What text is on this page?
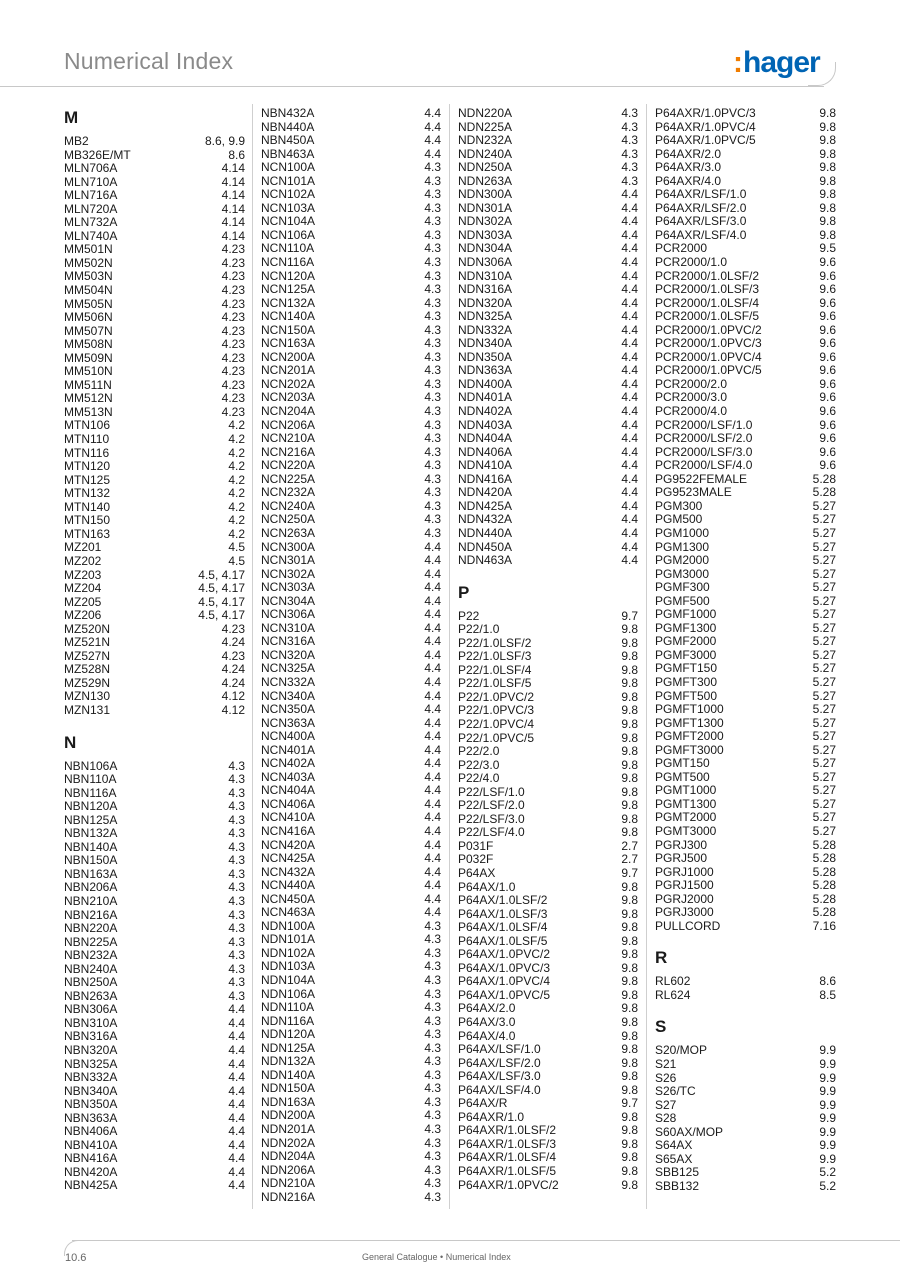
Numerical Index	:hager
M
MB2	8.6, 9.9
MB326E/MT	8.6
MLN706A	4.14
MLN710A	4.14
MLN716A	4.14
MLN720A	4.14
MLN732A	4.14
MLN740A	4.14
MM501N	4.23
MM502N	4.23
MM503N	4.23
MM504N	4.23
MM505N	4.23
MM506N	4.23
MM507N	4.23
MM508N	4.23
MM509N	4.23
MM510N	4.23
MM511N	4.23
MM512N	4.23
MM513N	4.23
MTN106	4.2
MTN110	4.2
MTN116	4.2
MTN120	4.2
MTN125	4.2
MTN132	4.2
MTN140	4.2
MTN150	4.2
MTN163	4.2
MZ201	4.5
MZ202	4.5
MZ203	4.5, 4.17
MZ204	4.5, 4.17
MZ205	4.5, 4.17
MZ206	4.5, 4.17
MZ520N	4.23
MZ521N	4.24
MZ527N	4.23
MZ528N	4.24
MZ529N	4.24
MZN130	4.12
MZN131	4.12
N
NBN106A	4.3
NBN110A	4.3
NBN116A	4.3
NBN120A	4.3
NBN125A	4.3
NBN132A	4.3
NBN140A	4.3
NBN150A	4.3
NBN163A	4.3
NBN206A	4.3
NBN210A	4.3
NBN216A	4.3
NBN220A	4.3
NBN225A	4.3
NBN232A	4.3
NBN240A	4.3
NBN250A	4.3
NBN263A	4.3
NBN306A	4.4
NBN310A	4.4
NBN316A	4.4
NBN320A	4.4
NBN325A	4.4
NBN332A	4.4
NBN340A	4.4
NBN350A	4.4
NBN363A	4.4
NBN406A	4.4
NBN410A	4.4
NBN416A	4.4
NBN420A	4.4
NBN425A	4.4
NBN432A	4.4
NBN440A	4.4
NBN450A	4.4
NBN463A	4.4
NCN100A	4.3
NCN101A	4.3
NCN102A	4.3
NCN103A	4.3
NCN104A	4.3
NCN106A	4.3
NCN110A	4.3
NCN116A	4.3
NCN120A	4.3
NCN125A	4.3
NCN132A	4.3
NCN140A	4.3
NCN150A	4.3
NCN163A	4.3
NCN200A	4.3
NCN201A	4.3
NCN202A	4.3
NCN203A	4.3
NCN204A	4.3
NCN206A	4.3
NCN210A	4.3
NCN216A	4.3
NCN220A	4.3
NCN225A	4.3
NCN232A	4.3
NCN240A	4.3
NCN250A	4.3
NCN263A	4.3
NCN300A	4.4
NCN301A	4.4
NCN302A	4.4
NCN303A	4.4
NCN304A	4.4
NCN306A	4.4
NCN310A	4.4
NCN316A	4.4
NCN320A	4.4
NCN325A	4.4
NCN332A	4.4
NCN340A	4.4
NCN350A	4.4
NCN363A	4.4
NCN400A	4.4
NCN401A	4.4
NCN402A	4.4
NCN403A	4.4
NCN404A	4.4
NCN406A	4.4
NCN410A	4.4
NCN416A	4.4
NCN420A	4.4
NCN425A	4.4
NCN432A	4.4
NCN440A	4.4
NCN450A	4.4
NCN463A	4.4
NDN100A	4.3
NDN101A	4.3
NDN102A	4.3
NDN103A	4.3
NDN104A	4.3
NDN106A	4.3
NDN110A	4.3
NDN116A	4.3
NDN120A	4.3
NDN125A	4.3
NDN132A	4.3
NDN140A	4.3
NDN150A	4.3
NDN163A	4.3
NDN200A	4.3
NDN201A	4.3
NDN202A	4.3
NDN204A	4.3
NDN206A	4.3
NDN210A	4.3
NDN216A	4.3
NDN220A	4.3
NDN225A	4.3
NDN232A	4.3
NDN240A	4.3
NDN250A	4.3
NDN263A	4.3
NDN300A	4.4
NDN301A	4.4
NDN302A	4.4
NDN303A	4.4
NDN304A	4.4
NDN306A	4.4
NDN310A	4.4
NDN316A	4.4
NDN320A	4.4
NDN325A	4.4
NDN332A	4.4
NDN340A	4.4
NDN350A	4.4
NDN363A	4.4
NDN400A	4.4
NDN401A	4.4
NDN402A	4.4
NDN403A	4.4
NDN404A	4.4
NDN406A	4.4
NDN410A	4.4
NDN416A	4.4
NDN420A	4.4
NDN425A	4.4
NDN432A	4.4
NDN440A	4.4
NDN450A	4.4
NDN463A	4.4
P
P22	9.7
P22/1.0	9.8
P22/1.0LSF/2	9.8
P22/1.0LSF/3	9.8
P22/1.0LSF/4	9.8
P22/1.0LSF/5	9.8
P22/1.0PVC/2	9.8
P22/1.0PVC/3	9.8
P22/1.0PVC/4	9.8
P22/1.0PVC/5	9.8
P22/2.0	9.8
P22/3.0	9.8
P22/4.0	9.8
P22/LSF/1.0	9.8
P22/LSF/2.0	9.8
P22/LSF/3.0	9.8
P22/LSF/4.0	9.8
P031F	2.7
P032F	2.7
P64AX	9.7
P64AX/1.0	9.8
P64AX/1.0LSF/2	9.8
P64AX/1.0LSF/3	9.8
P64AX/1.0LSF/4	9.8
P64AX/1.0LSF/5	9.8
P64AX/1.0PVC/2	9.8
P64AX/1.0PVC/3	9.8
P64AX/1.0PVC/4	9.8
P64AX/1.0PVC/5	9.8
P64AX/2.0	9.8
P64AX/3.0	9.8
P64AX/4.0	9.8
P64AX/LSF/1.0	9.8
P64AX/LSF/2.0	9.8
P64AX/LSF/3.0	9.8
P64AX/LSF/4.0	9.8
P64AX/R	9.7
P64AXR/1.0	9.8
P64AXR/1.0LSF/2	9.8
P64AXR/1.0LSF/3	9.8
P64AXR/1.0LSF/4	9.8
P64AXR/1.0LSF/5	9.8
P64AXR/1.0PVC/2	9.8
P64AXR/1.0PVC/3	9.8
P64AXR/1.0PVC/4	9.8
P64AXR/1.0PVC/5	9.8
P64AXR/2.0	9.8
P64AXR/3.0	9.8
P64AXR/4.0	9.8
P64AXR/LSF/1.0	9.8
P64AXR/LSF/2.0	9.8
P64AXR/LSF/3.0	9.8
P64AXR/LSF/4.0	9.8
PCR2000	9.5
PCR2000/1.0	9.6
PCR2000/1.0LSF/2	9.6
PCR2000/1.0LSF/3	9.6
PCR2000/1.0LSF/4	9.6
PCR2000/1.0LSF/5	9.6
PCR2000/1.0PVC/2	9.6
PCR2000/1.0PVC/3	9.6
PCR2000/1.0PVC/4	9.6
PCR2000/1.0PVC/5	9.6
PCR2000/2.0	9.6
PCR2000/3.0	9.6
PCR2000/4.0	9.6
PCR2000/LSF/1.0	9.6
PCR2000/LSF/2.0	9.6
PCR2000/LSF/3.0	9.6
PCR2000/LSF/4.0	9.6
PG9522FEMALE	5.28
PG9523MALE	5.28
PGM300	5.27
PGM500	5.27
PGM1000	5.27
PGM1300	5.27
PGM2000	5.27
PGM3000	5.27
PGMF300	5.27
PGMF500	5.27
PGMF1000	5.27
PGMF1300	5.27
PGMF2000	5.27
PGMF3000	5.27
PGMFT150	5.27
PGMFT300	5.27
PGMFT500	5.27
PGMFT1000	5.27
PGMFT1300	5.27
PGMFT2000	5.27
PGMFT3000	5.27
PGMT150	5.27
PGMT500	5.27
PGMT1000	5.27
PGMT1300	5.27
PGMT2000	5.27
PGMT3000	5.27
PGRJ300	5.28
PGRJ500	5.28
PGRJ1000	5.28
PGRJ1500	5.28
PGRJ2000	5.28
PGRJ3000	5.28
PULLCORD	7.16
R
RL602	8.6
RL624	8.5
S
S20/MOP	9.9
S21	9.9
S26	9.9
S26/TC	9.9
S27	9.9
S28	9.9
S60AX/MOP	9.9
S64AX	9.9
S65AX	9.9
SBB125	5.2
SBB132	5.2
10.6	General Catalogue • Numerical Index
